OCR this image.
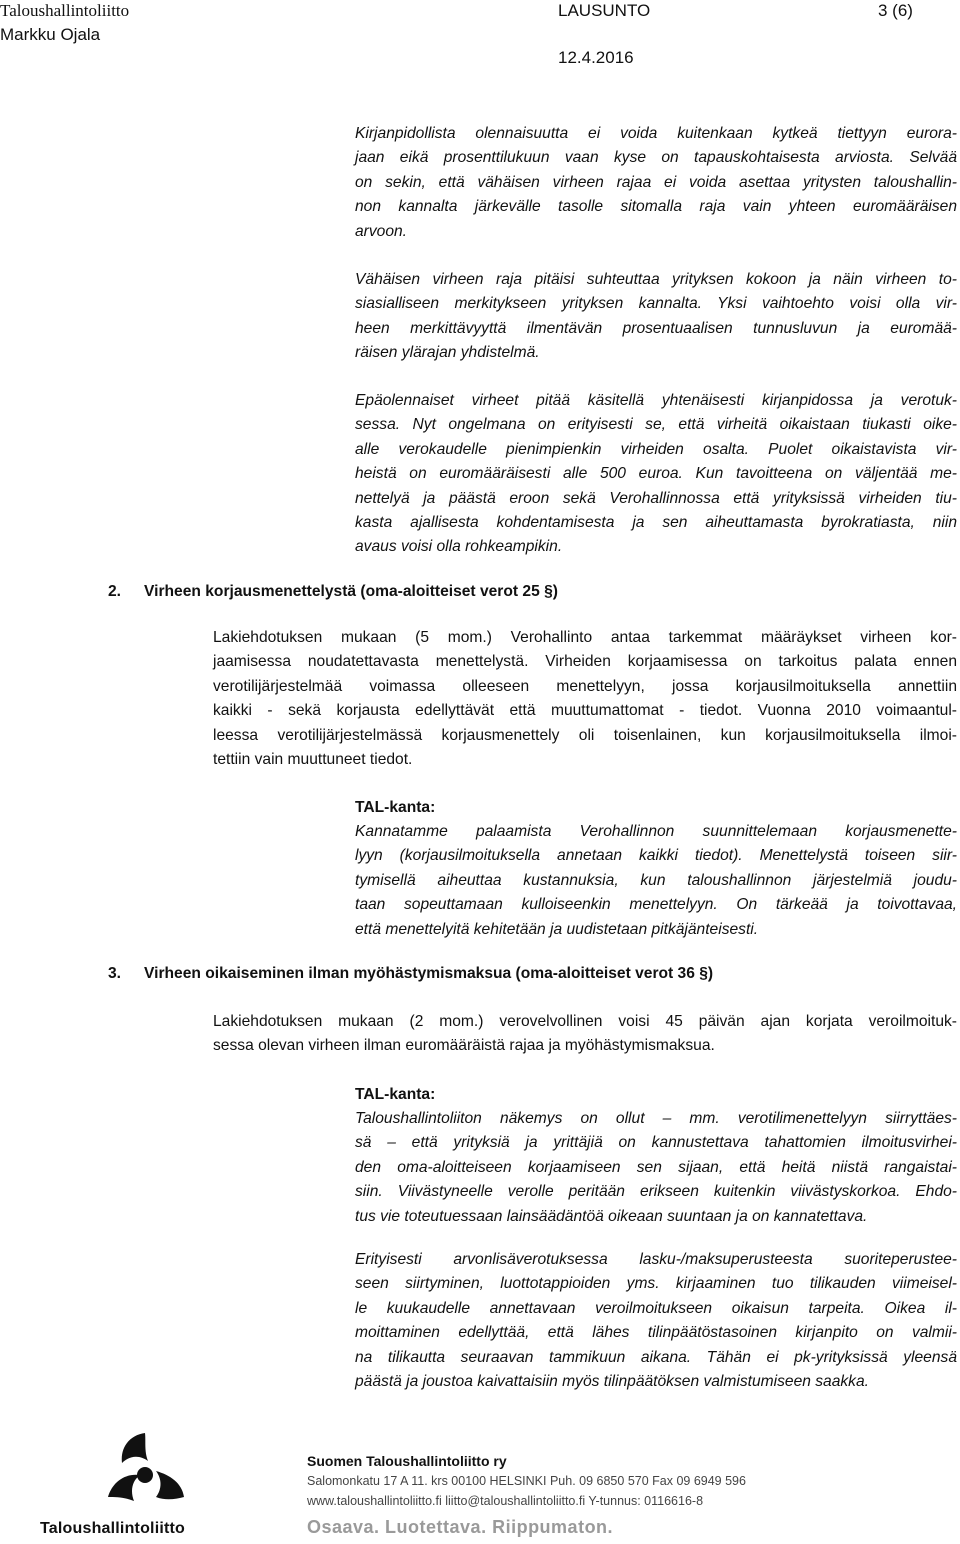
Taloushallintoliitto
Markku Ojala
LAUSUNTO
12.4.2016
3 (6)
Kirjanpidollista olennaisuutta ei voida kuitenkaan kytkeä tiettyyn eurora-
jaan eikä prosenttilukuun vaan kyse on tapauskohtaisesta arviosta. Selvää
on sekin, että vähäisen virheen rajaa ei voida asettaa yritysten taloushallin-
non kannalta järkevälle tasolle sitomalla raja vain yhteen euromääräisen
arvoon.
Vähäisen virheen raja pitäisi suhteuttaa yrityksen kokoon ja näin virheen to-
siasialliseen merkitykseen yrityksen kannalta. Yksi vaihtoehto voisi olla vir-
heen merkittävyyttä ilmentävän prosentuaalisen tunnusluvun ja euromää-
räisen ylärajan yhdistelmä.
Epäolennaiset virheet pitää käsitellä yhtenäisesti kirjanpidossa ja verotuk-
sessa. Nyt ongelmana on erityisesti se, että virheitä oikaistaan tiukasti oike-
alle verokaudelle pienimpienkin virheiden osalta. Puolet oikaistavista vir-
heistä on euromääräisesti alle 500 euroa. Kun tavoitteena on väljentää me-
nettelyä ja päästä eroon sekä Verohallinnossa että yrityksissä virheiden tiu-
kasta ajallisesta kohdentamisesta ja sen aiheuttamasta byrokratiasta, niin
avaus voisi olla rohkeampikin.
2. Virheen korjausmenettelystä (oma-aloitteiset verot 25 §)
Lakiehdotuksen mukaan (5 mom.) Verohallinto antaa tarkemmat määräykset virheen kor-
jaamisessa noudatettavasta menettelystä. Virheiden korjaamisessa on tarkoitus palata ennen
verotilijärjestelmää voimassa olleeseen menettelyyn, jossa korjausilmoituksella annettiin
kaikki - sekä korjausta edellyttävät että muuttumattomat - tiedot. Vuonna 2010 voimaantul-
leessa verotilijärjestelmässä korjausmenettely oli toisenlainen, kun korjausilmoituksella ilmoi-
tettiin vain muuttuneet tiedot.
TAL-kanta:
Kannatamme palaamista Verohallinnon suunnittelemaan korjausmenette-
lyyn (korjausilmoituksella annetaan kaikki tiedot). Menettelystä toiseen siir-
tymisellä aiheuttaa kustannuksia, kun taloushallinnon järjestelmiä joudu-
taan sopeuttamaan kulloiseenkin menettelyyn. On tärkeää ja toivottavaa,
että menettelyitä kehitetään ja uudistetaan pitkäjänteisesti.
3. Virheen oikaiseminen ilman myöhästymismaksua (oma-aloitteiset verot 36 §)
Lakiehdotuksen mukaan (2 mom.) verovelvollinen voisi 45 päivän ajan korjata veroilmoituk-
sessa olevan virheen ilman euromääräistä rajaa ja myöhästymismaksua.
TAL-kanta:
Taloushallintoliiton näkemys on ollut – mm. verotilimenettelyyn siirryttäes-
sä – että yrityksiä ja yrittäjiä on kannustettava tahattomien ilmoitusvirhei-
den oma-aloitteiseen korjaamiseen sen sijaan, että heitä niistä rangaistai-
siin. Viivästyneelle verolle peritään erikseen kuitenkin viivästyskorkoa. Ehdo-
tus vie toteutuessaan lainsäädäntöä oikeaan suuntaan ja on kannatettava.
Erityisesti arvonlisäverotuksessa lasku-/maksuperusteesta suoriteperustee-
seen siirtyminen, luottotappioiden yms. kirjaaminen tuo tilikauden viimeisel-
le kuukaudelle annettavaan veroilmoitukseen oikaisun tarpeita. Oikea il-
moittaminen edellyttää, että lähes tilinpäätöstasoinen kirjanpito on valmii-
na tilikautta seuraavan tammikuun aikana. Tähän ei pk-yrityksissä yleensä
päästä ja joustoa kaivattaisiin myös tilinpäätöksen valmistumiseen saakka.
Taloushallintoliitto
Suomen Taloushallintoliitto ry
Salomonkatu 17 A 11. krs 00100 HELSINKI Puh. 09 6850 570 Fax 09 6949 596
www.taloushallintoliitto.fi liitto@taloushallintoliitto.fi Y-tunnus: 0116616-8
Osaava. Luotettava. Riippumaton.
